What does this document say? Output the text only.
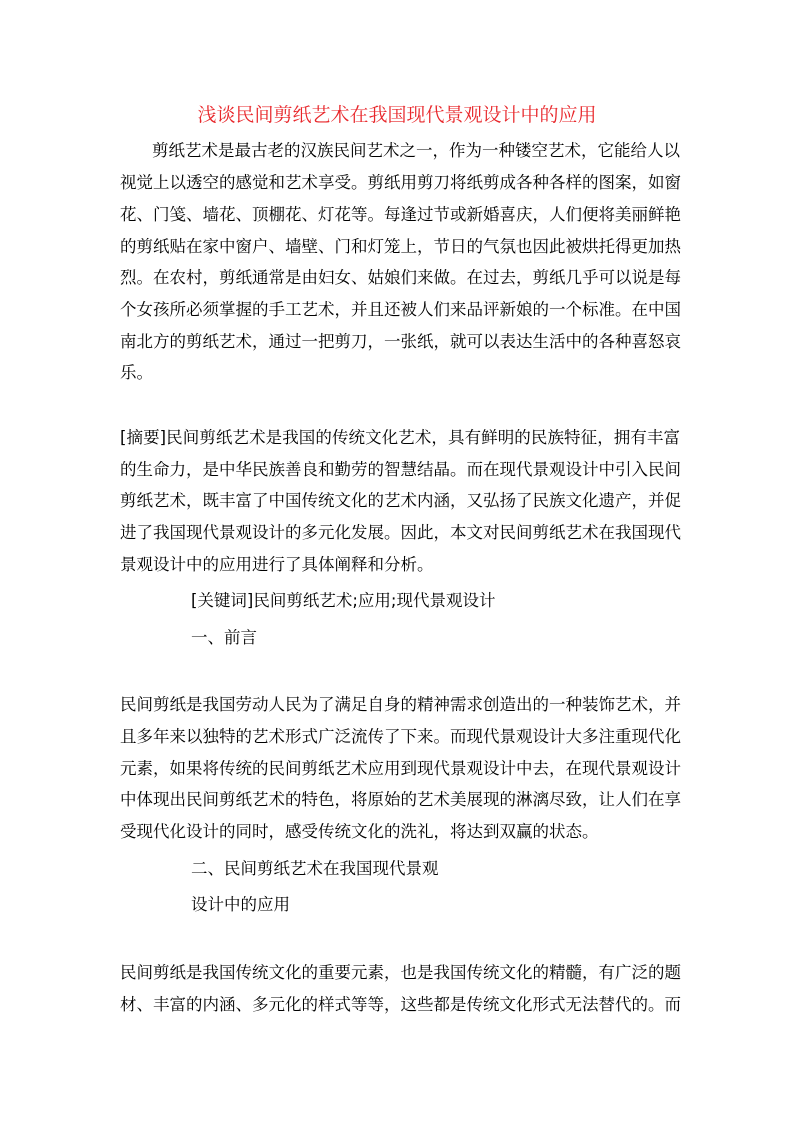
浅谈民间剪纸艺术在我国现代景观设计中的应用
剪纸艺术是最古老的汉族民间艺术之一，作为一种镂空艺术，它能给人以
视觉上以透空的感觉和艺术享受。剪纸用剪刀将纸剪成各种各样的图案，如窗
花、门笺、墙花、顶棚花、灯花等。每逢过节或新婚喜庆，人们便将美丽鲜艳
的剪纸贴在家中窗户、墙壁、门和灯笼上，节日的气氛也因此被烘托得更加热
烈。在农村，剪纸通常是由妇女、姑娘们来做。在过去，剪纸几乎可以说是每
个女孩所必须掌握的手工艺术，并且还被人们来品评新娘的一个标准。在中国
南北方的剪纸艺术，通过一把剪刀，一张纸，就可以表达生活中的各种喜怒哀
乐。
[摘要]民间剪纸艺术是我国的传统文化艺术，具有鲜明的民族特征，拥有丰富
的生命力，是中华民族善良和勤劳的智慧结晶。而在现代景观设计中引入民间
剪纸艺术，既丰富了中国传统文化的艺术内涵，又弘扬了民族文化遗产，并促
进了我国现代景观设计的多元化发展。因此，本文对民间剪纸艺术在我国现代
景观设计中的应用进行了具体阐释和分析。
[关键词]民间剪纸艺术;应用;现代景观设计
一、前言
民间剪纸是我国劳动人民为了满足自身的精神需求创造出的一种装饰艺术，并
且多年来以独特的艺术形式广泛流传了下来。而现代景观设计大多注重现代化
元素，如果将传统的民间剪纸艺术应用到现代景观设计中去，在现代景观设计
中体现出民间剪纸艺术的特色，将原始的艺术美展现的淋漓尽致，让人们在享
受现代化设计的同时，感受传统文化的洗礼，将达到双赢的状态。
二、民间剪纸艺术在我国现代景观
设计中的应用
民间剪纸是我国传统文化的重要元素，也是我国传统文化的精髓，有广泛的题
材、丰富的内涵、多元化的样式等等，这些都是传统文化形式无法替代的。而
